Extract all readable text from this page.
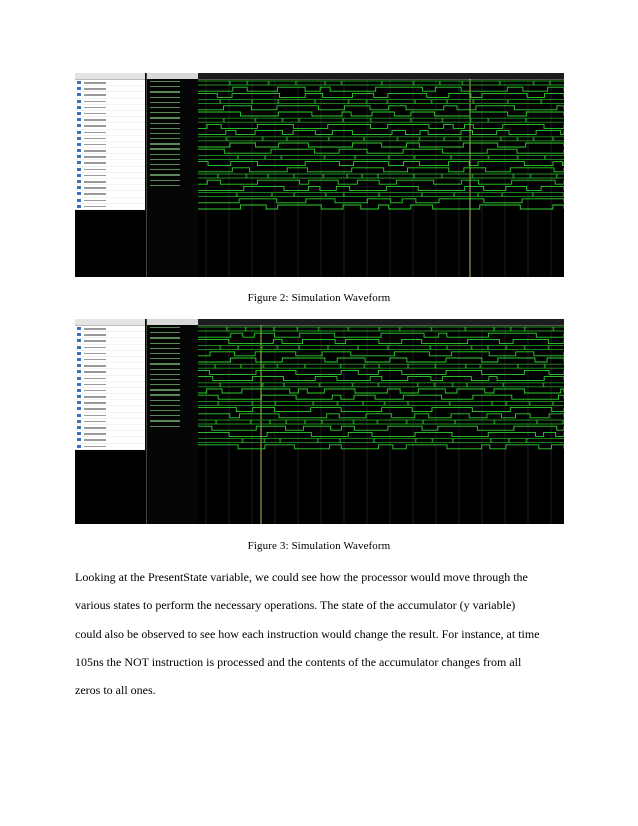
Figure 2: Simulation Waveform
Figure 3: Simulation Waveform

Looking at the PresentState variable, we could see how the processor would move through the
various states to perform the necessary operations. The state of the accumulator (y variable)
could also be observed to see how each instruction would change the result. For instance, at time
105ns the NOT instruction is processed and the contents of the accumulator changes from all
zeros to all ones.
